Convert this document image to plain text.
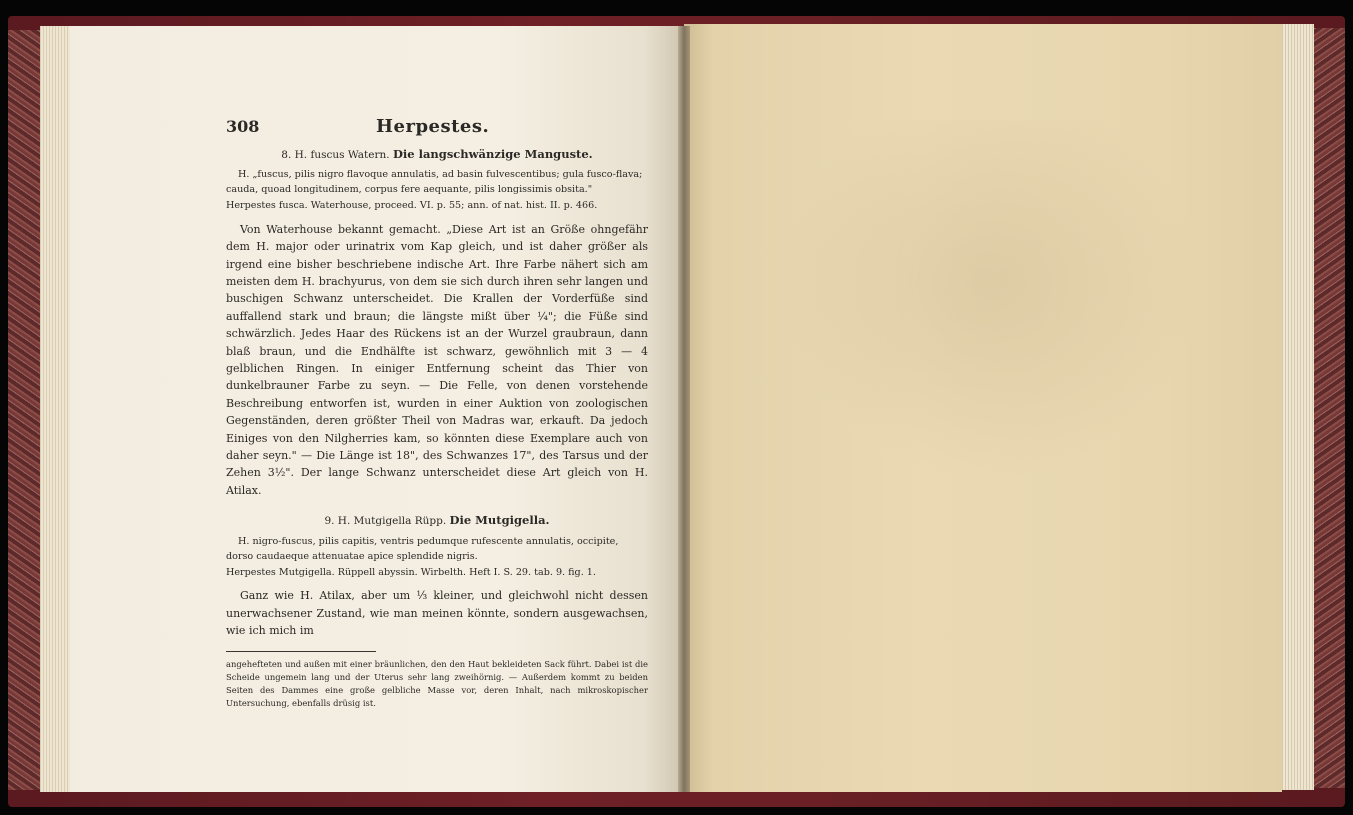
308	Herpestes.
8. H. fuscus Watern. Die langschwänzige Manguste.
H. „fuscus, pilis nigro flavoque annulatis, ad basin fulvescentibus; gula fusco-flava; cauda, quoad longitudinem, corpus fere aequante, pilis longissimis obsita."
Herpestes fusca. Waterhouse, proceed. VI. p. 55; ann. of nat. hist. II. p. 466.

Von Waterhouse bekannt gemacht. „Diese Art ist an Größe ohngefähr dem H. major oder urinatrix vom Kap gleich, und ist daher größer als irgend eine bisher beschriebene indische Art. Ihre Farbe nähert sich am meisten dem H. brachyurus, von dem sie sich durch ihren sehr langen und buschigen Schwanz unterscheidet. Die Krallen der Vorderfüße sind auffallend stark und braun; die längste mißt über ¼"; die Füße sind schwärzlich. Jedes Haar des Rückens ist an der Wurzel graubraun, dann blaß braun, und die Endhälfte ist schwarz, gewöhnlich mit 3 — 4 gelblichen Ringen. In einiger Entfernung scheint das Thier von dunkelbrauner Farbe zu seyn. — Die Felle, von denen vorstehende Beschreibung entworfen ist, wurden in einer Auktion von zoologischen Gegenständen, deren größter Theil von Madras war, erkauft. Da jedoch Einiges von den Nilgherries kam, so könnten diese Exemplare auch von daher seyn." — Die Länge ist 18", des Schwanzes 17", des Tarsus und der Zehen 3½". Der lange Schwanz unterscheidet diese Art gleich von H. Atilax.

9. H. Mutgigella Rüpp. Die Mutgigella.
H. nigro-fuscus, pilis capitis, ventris pedumque rufescente annulatis, occipite, dorso caudaeque attenuatae apice splendide nigris.
Herpestes Mutgigella. Rüppell abyssin. Wirbelth. Heft I. S. 29. tab. 9. fig. 1.

Ganz wie H. Atilax, aber um ⅓ kleiner, und gleichwohl nicht dessen unerwachsener Zustand, wie man meinen könnte, sondern ausgewachsen, wie ich mich im

angehefteten und außen mit einer bräunlichen, den den Haut bekleideten Sack führt. Dabei ist die Scheide ungemein lang und der Uterus sehr lang zweihörnig. — Außerdem kommt zu beiden Seiten des Dammes eine große gelbliche Masse vor, deren Inhalt, nach mikroskopischer Untersuchung, ebenfalls drüsig ist.
